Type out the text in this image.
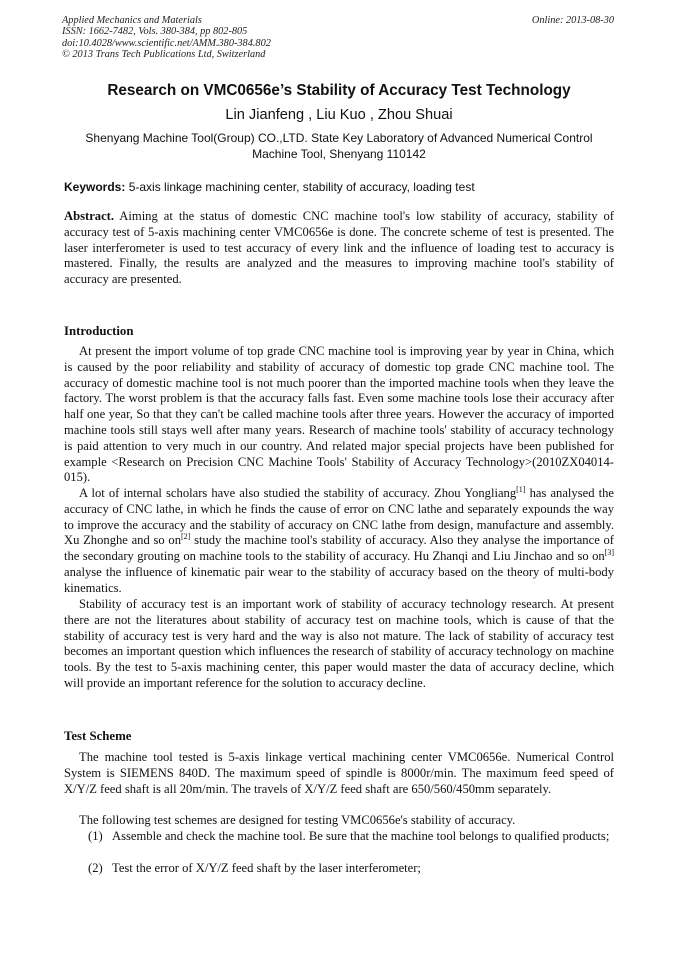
Applied Mechanics and Materials
ISSN: 1662-7482, Vols. 380-384, pp 802-805
doi:10.4028/www.scientific.net/AMM.380-384.802
© 2013 Trans Tech Publications Ltd, Switzerland
Online: 2013-08-30
Research on VMC0656e’s Stability of Accuracy Test Technology
Lin Jianfeng , Liu Kuo , Zhou Shuai
Shenyang Machine Tool(Group) CO.,LTD. State Key Laboratory of Advanced Numerical Control
Machine Tool, Shenyang 110142
Keywords: 5-axis linkage machining center, stability of accuracy, loading test
Abstract. Aiming at the status of domestic CNC machine tool's low stability of accuracy, stability of accuracy test of 5-axis machining center VMC0656e is done. The concrete scheme of test is presented. The laser interferometer is used to test accuracy of every link and the influence of loading test to accuracy is mastered. Finally, the results are analyzed and the measures to improving machine tool's stability of accuracy are presented.
Introduction

At present the import volume of top grade CNC machine tool is improving year by year in China, which is caused by the poor reliability and stability of accuracy of domestic top grade CNC machine tool. The accuracy of domestic machine tool is not much poorer than the imported machine tools when they leave the factory. The worst problem is that the accuracy falls fast. Even some machine tools lose their accuracy after half one year, So that they can't be called machine tools after three years. However the accuracy of imported machine tools still stays well after many years. Research of machine tools' stability of accuracy technology is paid attention to very much in our country. And related major special projects have been published for example <Research on Precision CNC Machine Tools' Stability of Accuracy Technology>(2010ZX04014-015).

A lot of internal scholars have also studied the stability of accuracy. Zhou Yongliang[1] has analysed the accuracy of CNC lathe, in which he finds the cause of error on CNC lathe and separately expounds the way to improve the accuracy and the stability of accuracy on CNC lathe from design, manufacture and assembly. Xu Zhonghe and so on[2] study the machine tool's stability of accuracy. Also they analyse the importance of the secondary grouting on machine tools to the stability of accuracy. Hu Zhanqi and Liu Jinchao and so on[3] analyse the influence of kinematic pair wear to the stability of accuracy based on the theory of multi-body kinematics.

Stability of accuracy test is an important work of stability of accuracy technology research. At present there are not the literatures about stability of accuracy test on machine tools, which is cause of that the stability of accuracy test is very hard and the way is also not mature. The lack of stability of accuracy test becomes an important question which influences the research of stability of accuracy technology on machine tools. By the test to 5-axis machining center, this paper would master the data of accuracy decline, which will provide an important reference for the solution to accuracy decline.

Test Scheme

The machine tool tested is 5-axis linkage vertical machining center VMC0656e. Numerical Control System is SIEMENS 840D. The maximum speed of spindle is 8000r/min. The maximum feed speed of X/Y/Z feed shaft is all 20m/min. The travels of X/Y/Z feed shaft are 650/560/450mm separately.

The following test schemes are designed for testing VMC0656e's stability of accuracy.

(1) Assemble and check the machine tool. Be sure that the machine tool belongs to qualified products;
(2) Test the error of X/Y/Z feed shaft by the laser interferometer;
